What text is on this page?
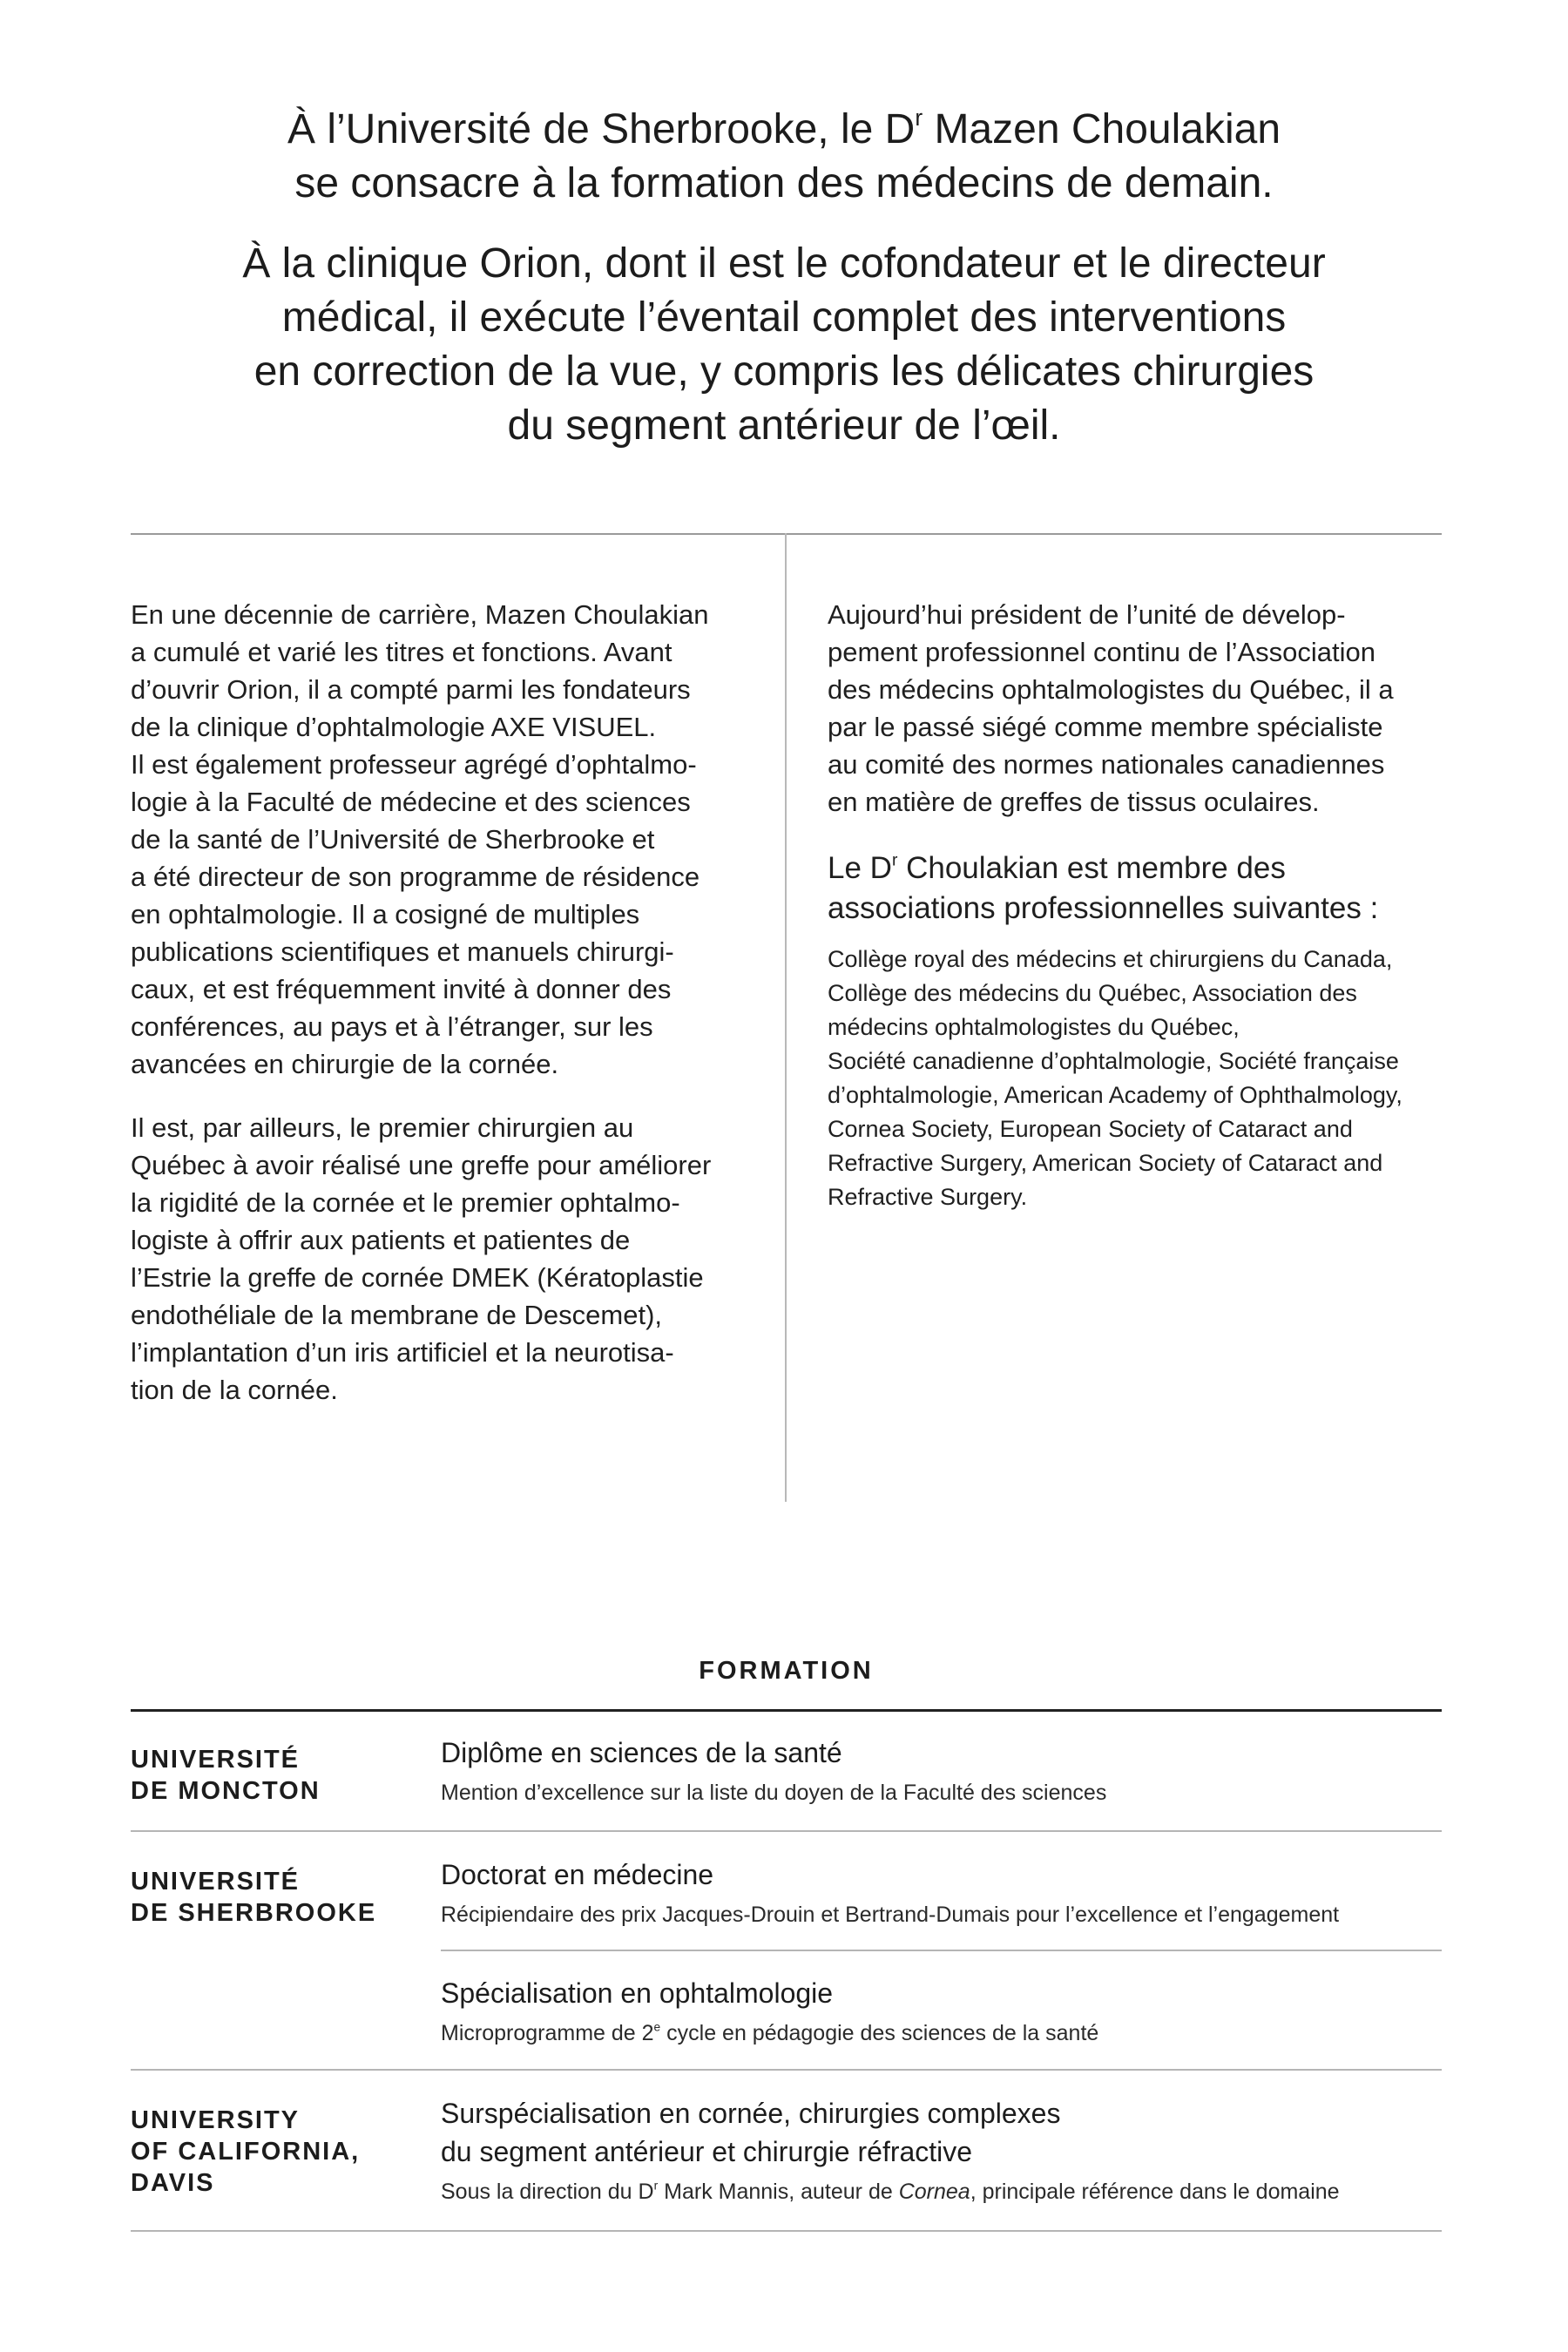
À l’Université de Sherbrooke, le $D^r$ Mazen Choulakian
se consacre à la formation des médecins de demain.

À la clinique Orion, dont il est le cofondateur et le directeur
médical, il exécute l’éventail complet des interventions
en correction de la vue, y compris les délicates chirurgies
du segment antérieur de l’œil.

En une décennie de carrière, Mazen Choulakian
a cumulé et varié les titres et fonctions. Avant
d’ouvrir Orion, il a compté parmi les fondateurs
de la clinique d’ophtalmologie AXE VISUEL.
Il est également professeur agrégé d’ophtalmo-
logie à la Faculté de médecine et des sciences
de la santé de l’Université de Sherbrooke et
a été directeur de son programme de résidence
en ophtalmologie. Il a cosigné de multiples
publications scientifiques et manuels chirurgi-
caux, et est fréquemment invité à donner des
conférences, au pays et à l’étranger, sur les
avancées en chirurgie de la cornée.

Il est, par ailleurs, le premier chirurgien au
Québec à avoir réalisé une greffe pour améliorer
la rigidité de la cornée et le premier ophtalmo-
logiste à offrir aux patients et patientes de
l’Estrie la greffe de cornée DMEK (Kératoplastie
endothéliale de la membrane de Descemet),
l’implantation d’un iris artificiel et la neurotisa-
tion de la cornée.

Aujourd’hui président de l’unité de dévelop-
pement professionnel continu de l’Association
des médecins ophtalmologistes du Québec, il a
par le passé siégé comme membre spécialiste
au comité des normes nationales canadiennes
en matière de greffes de tissus oculaires.

Le $D^r$ Choulakian est membre des
associations professionnelles suivantes :

Collège royal des médecins et chirurgiens du Canada,
Collège des médecins du Québec, Association des
médecins ophtalmologistes du Québec,
Société canadienne d’ophtalmologie, Société française
d’ophtalmologie, American Academy of Ophthalmology,
Cornea Society, European Society of Cataract and
Refractive Surgery, American Society of Cataract and
Refractive Surgery.

FORMATION
UNIVERSITÉ
DE MONCTON
Diplôme en sciences de la santé
Mention d’excellence sur la liste du doyen de la Faculté des sciences
UNIVERSITÉ
DE SHERBROOKE
Doctorat en médecine
Récipiendaire des prix Jacques-Drouin et Bertrand-Dumais pour l’excellence et l’engagement
Spécialisation en ophtalmologie
Microprogramme de 2e cycle en pédagogie des sciences de la santé
UNIVERSITY
OF CALIFORNIA,
DAVIS
Surspécialisation en cornée, chirurgies complexes
du segment antérieur et chirurgie réfractive
Sous la direction du $D^r$ Mark Mannis, auteur de Cornea, principale référence dans le domaine
